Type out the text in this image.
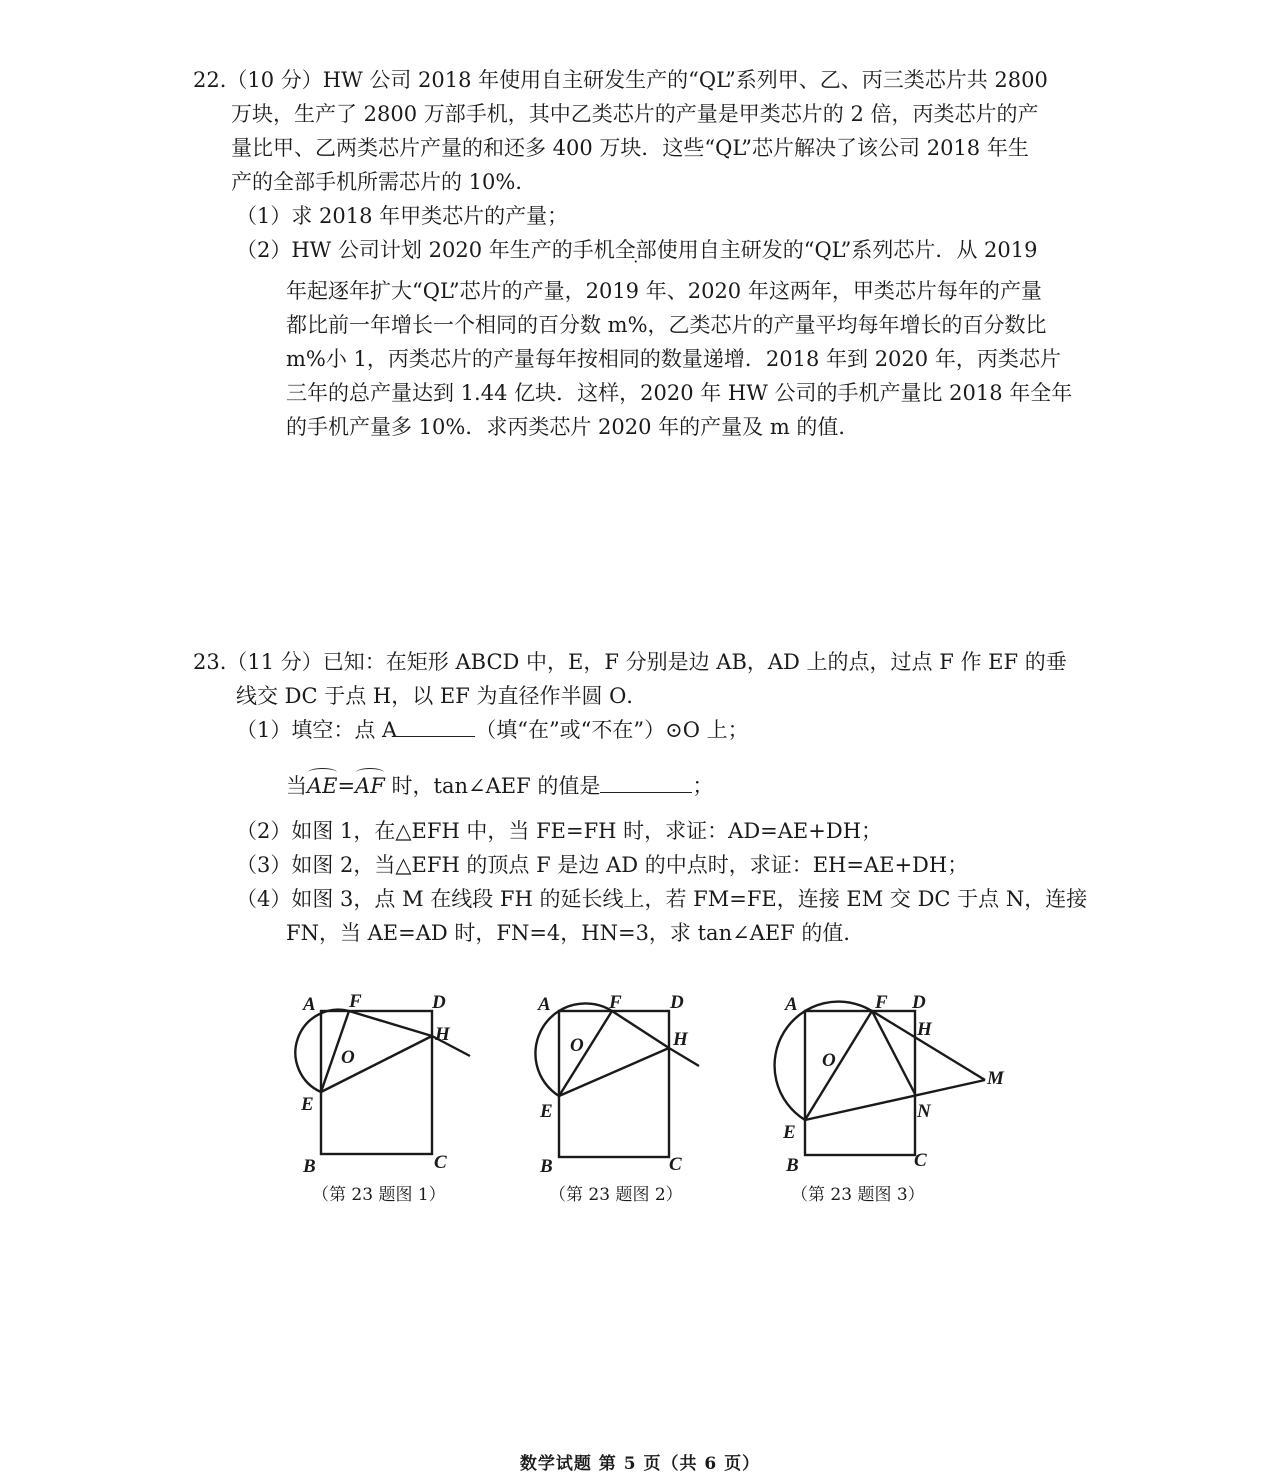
22.（10 分）HW 公司 2018 年使用自主研发生产的“QL”系列甲、乙、丙三类芯片共 2800
万块，生产了 2800 万部手机，其中乙类芯片的产量是甲类芯片的 2 倍，丙类芯片的产
量比甲、乙两类芯片产量的和还多 400 万块．这些“QL”芯片解决了该公司 2018 年生
产的全部手机所需芯片的 10%．
（1）求 2018 年甲类芯片的产量；
（2）HW 公司计划 2020 年生产的手机全部使用自主研发的“QL”系列芯片．从 2019
年起逐年扩大“QL”芯片的产量，2019 年、2020 年这两年，甲类芯片每年的产量
都比前一年增长一个相同的百分数 m%，乙类芯片的产量平均每年增长的百分数比
m%小 1，丙类芯片的产量每年按相同的数量递增．2018 年到 2020 年，丙类芯片
三年的总产量达到 1.44 亿块．这样，2020 年 HW 公司的手机产量比 2018 年全年
的手机产量多 10%．求丙类芯片 2020 年的产量及 m 的值．
23.（11 分）已知：在矩形 ABCD 中，E，F 分别是边 AB，AD 上的点，过点 F 作 EF 的垂
线交 DC 于点 H，以 EF 为直径作半圆 O．
（1）填空：点 A	（填“在”或“不在”）⊙O 上；
当AE=AF 时，tan∠AEF 的值是	；
（2）如图 1，在△EFH 中，当 FE=FH 时，求证：AD=AE+DH；
（3）如图 2，当△EFH 的顶点 F 是边 AD 的中点时，求证：EH=AE+DH；
（4）如图 3，点 M 在线段 FH 的延长线上，若 FM=FE，连接 EM 交 DC 于点 N，连接
FN，当 AE=AD 时，FN=4，HN=3，求 tan∠AEF 的值．
A F	D
H
O
E
B	C
A	F	D
H
O
E
B	C
A	F D
H
O
M
N
E
B	C
（第 23 题图 1）	（第 23 题图 2）	（第 23 题图 3）
数学试题 第 5 页（共 6 页）
